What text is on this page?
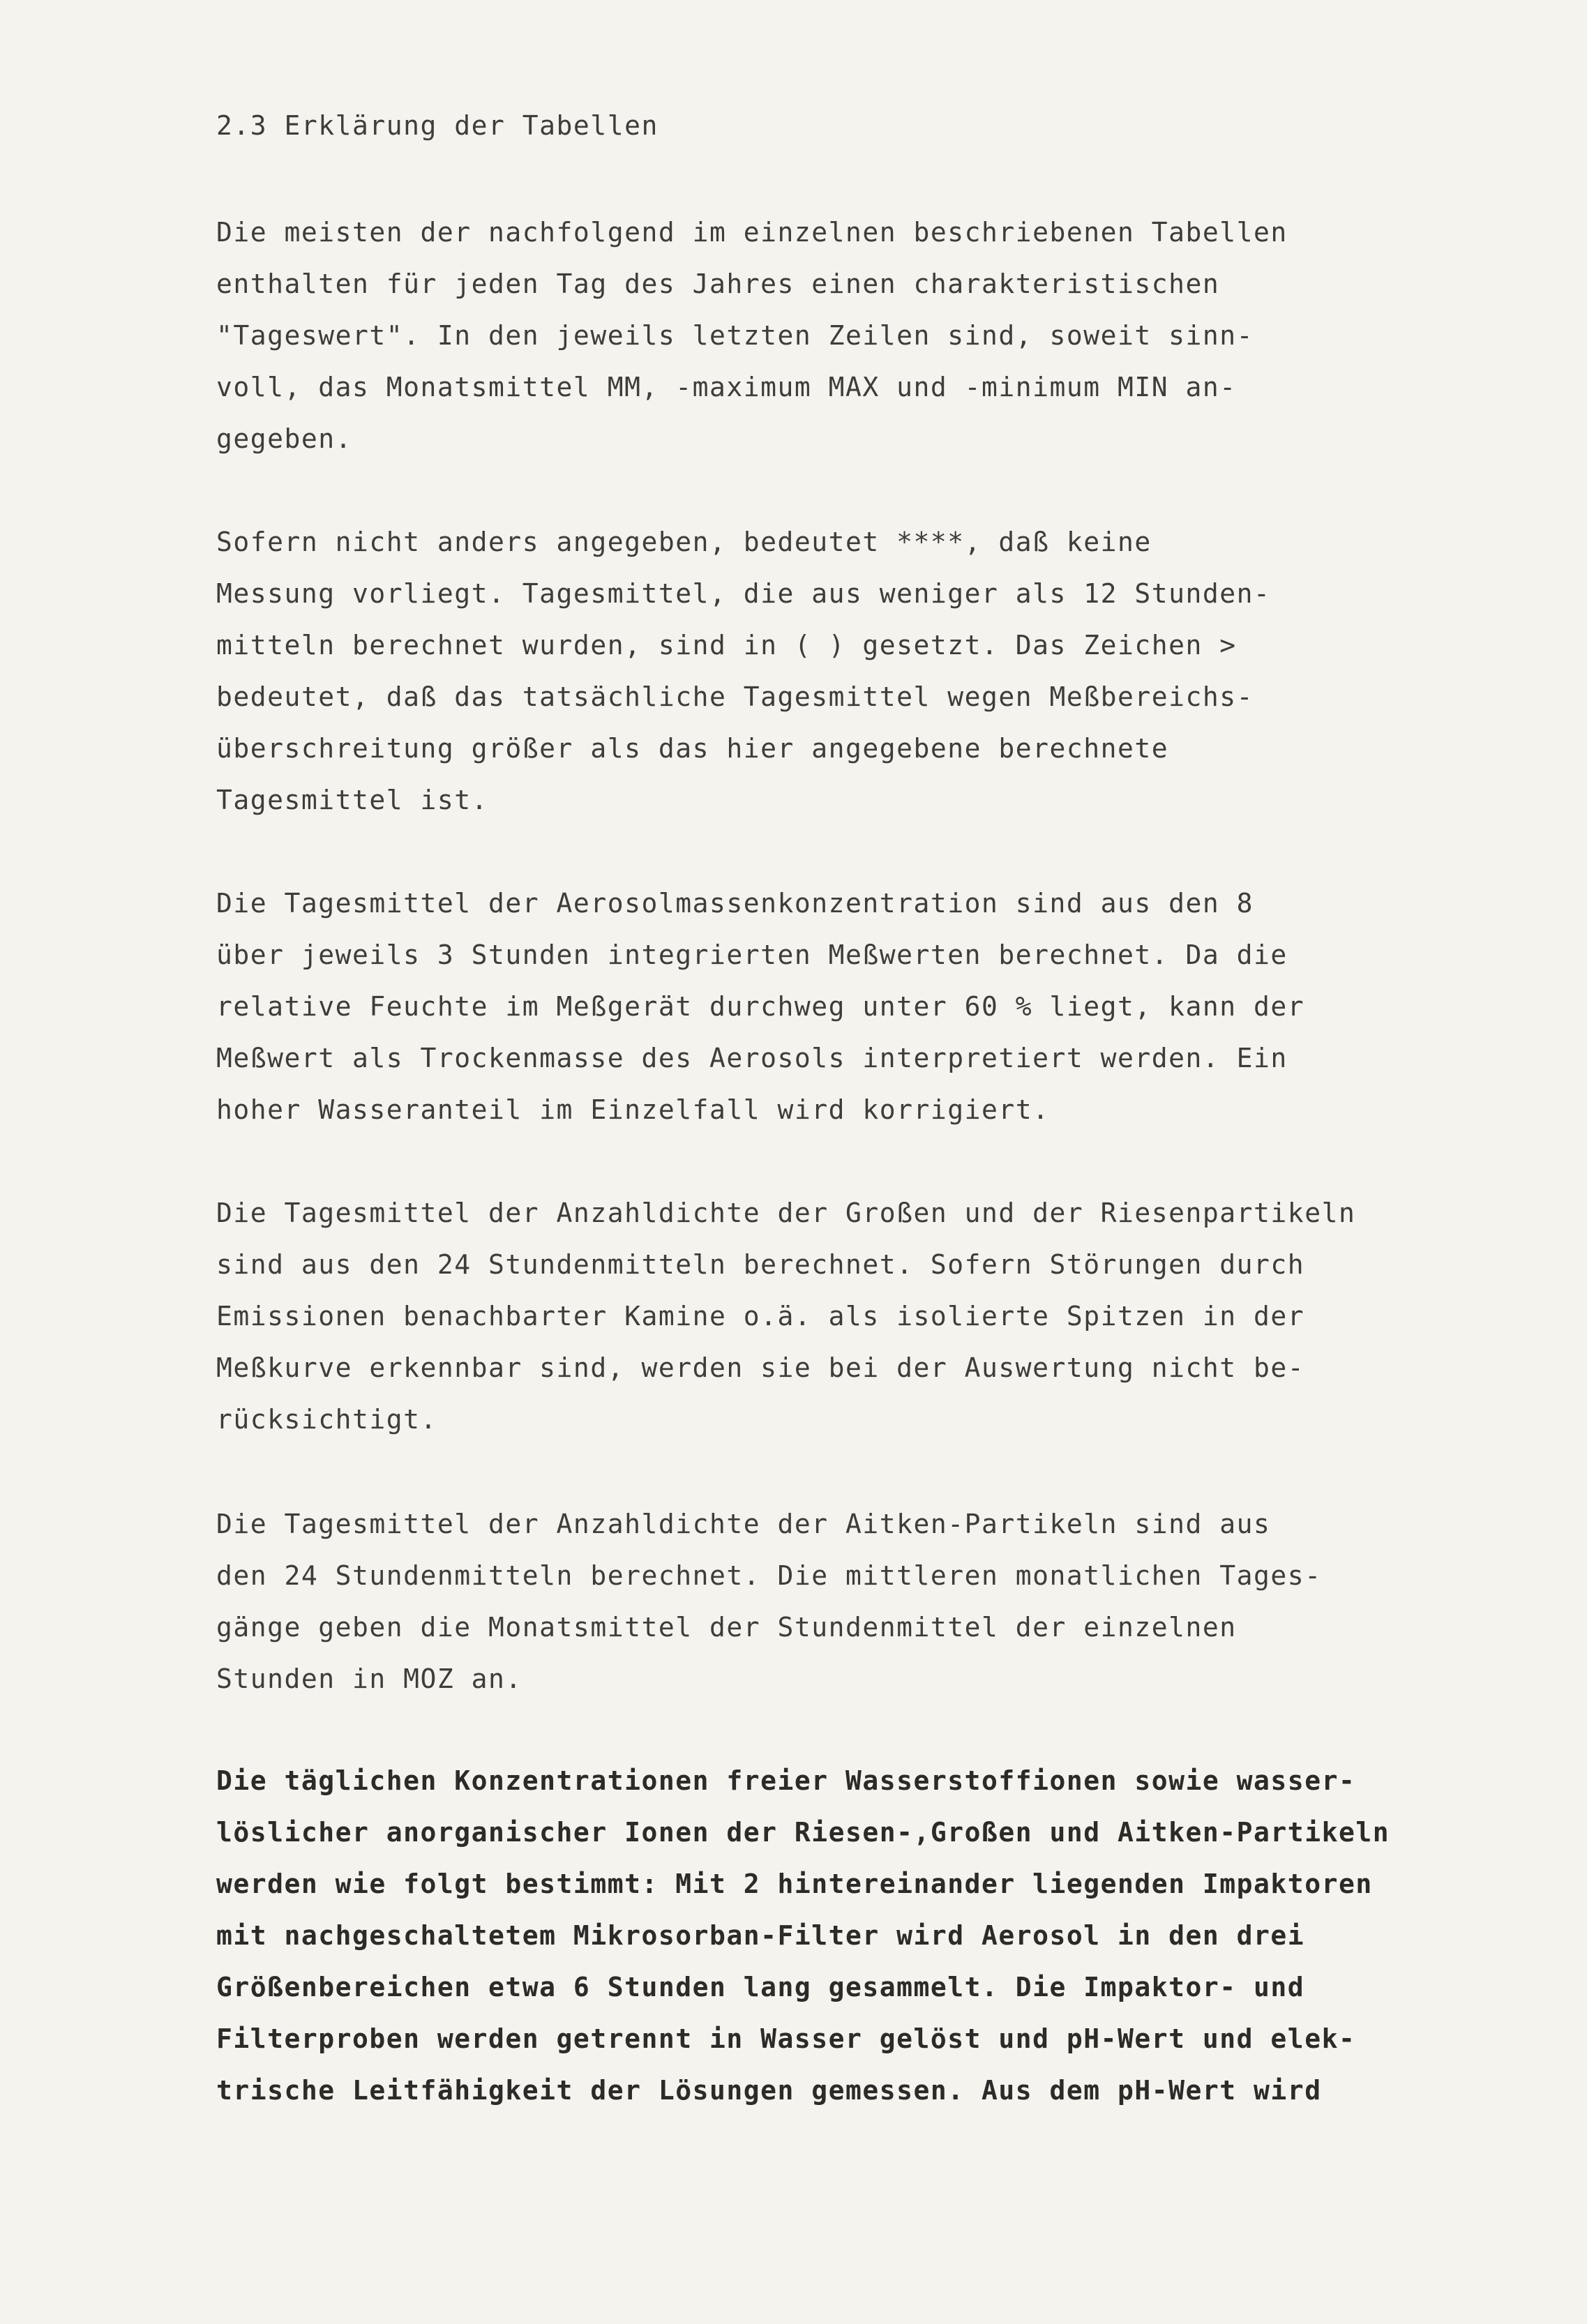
2.3 Erklärung der Tabellen

Die meisten der nachfolgend im einzelnen beschriebenen Tabellen

enthalten für jeden Tag des Jahres einen charakteristischen

"Tageswert". In den jeweils letzten Zeilen sind, soweit sinn-

voll, das Monatsmittel MM, -maximum MAX und -minimum MIN an-

gegeben.

Sofern nicht anders angegeben, bedeutet ****, daß keine

Messung vorliegt. Tagesmittel, die aus weniger als 12 Stunden-

mitteln berechnet wurden, sind in ( ) gesetzt. Das Zeichen >

bedeutet, daß das tatsächliche Tagesmittel wegen Meßbereichs-

überschreitung größer als das hier angegebene berechnete

Tagesmittel ist.

Die Tagesmittel der Aerosolmassenkonzentration sind aus den 8

über jeweils 3 Stunden integrierten Meßwerten berechnet. Da die

relative Feuchte im Meßgerät durchweg unter 60 % liegt, kann der

Meßwert als Trockenmasse des Aerosols interpretiert werden. Ein

hoher Wasseranteil im Einzelfall wird korrigiert.

Die Tagesmittel der Anzahldichte der Großen und der Riesenpartikeln

sind aus den 24 Stundenmitteln berechnet. Sofern Störungen durch

Emissionen benachbarter Kamine o.ä. als isolierte Spitzen in der

Meßkurve erkennbar sind, werden sie bei der Auswertung nicht be-

rücksichtigt.

Die Tagesmittel der Anzahldichte der Aitken-Partikeln sind aus

den 24 Stundenmitteln berechnet. Die mittleren monatlichen Tages-

gänge geben die Monatsmittel der Stundenmittel der einzelnen

Stunden in MOZ an.

Die täglichen Konzentrationen freier Wasserstoffionen sowie wasser-

löslicher anorganischer Ionen der Riesen-,Großen und Aitken-Partikeln

werden wie folgt bestimmt: Mit 2 hintereinander liegenden Impaktoren

mit nachgeschaltetem Mikrosorban-Filter wird Aerosol in den drei

Größenbereichen etwa 6 Stunden lang gesammelt. Die Impaktor- und

Filterproben werden getrennt in Wasser gelöst und pH-Wert und elek-

trische Leitfähigkeit der Lösungen gemessen. Aus dem pH-Wert wird
